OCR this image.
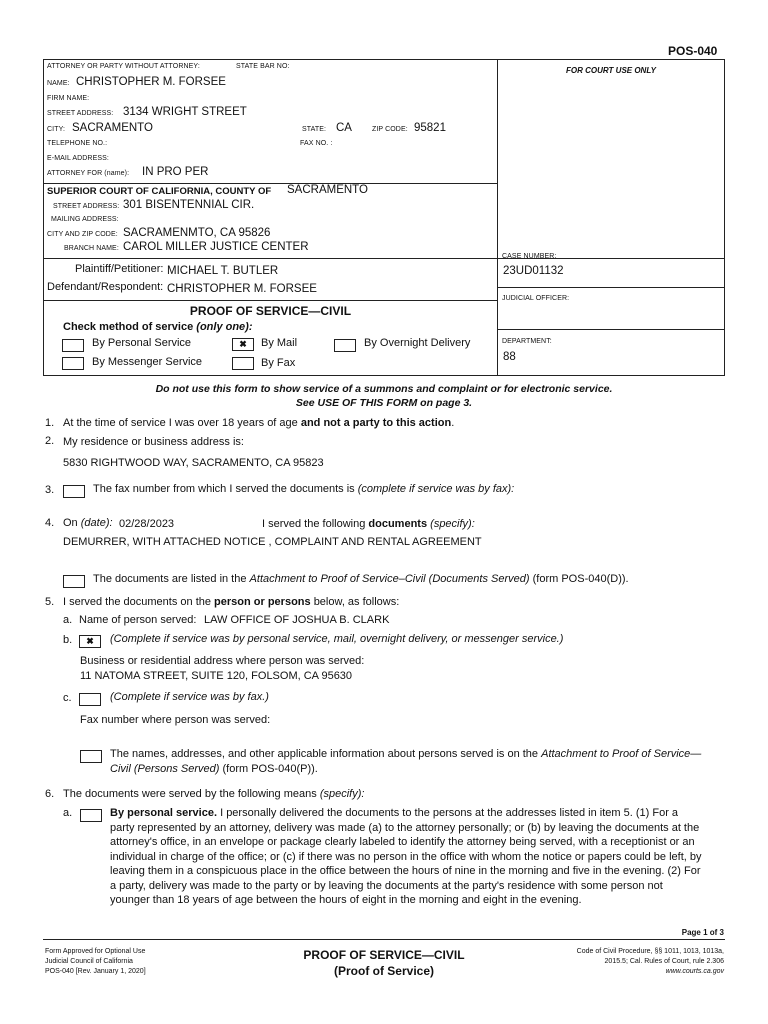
POS-040
FOR COURT USE ONLY
ATTORNEY OR PARTY WITHOUT ATTORNEY:	STATE BAR NO:
NAME: CHRISTOPHER M. FORSEE
FIRM NAME:
STREET ADDRESS: 3134 WRIGHT STREET
CITY: SACRAMENTO	STATE: CA	ZIP CODE: 95821
TELEPHONE NO.:	FAX NO. :
E-MAIL ADDRESS:
ATTORNEY FOR (name): IN PRO PER
SUPERIOR COURT OF CALIFORNIA, COUNTY OF SACRAMENTO
STREET ADDRESS: 301 BISENTENNIAL CIR.
MAILING ADDRESS:
CITY AND ZIP CODE: SACRAMENMTO, CA 95826
BRANCH NAME: CAROL MILLER JUSTICE CENTER
Plaintiff/Petitioner: MICHAEL T. BUTLER
Defendant/Respondent: CHRISTOPHER M. FORSEE
CASE NUMBER:
23UD01132
JUDICIAL OFFICER:
DEPARTMENT:
88
PROOF OF SERVICE—CIVIL
Check method of service (only one):
By Personal Service	✖	By Mail	By Overnight Delivery
By Messenger Service	By Fax
Do not use this form to show service of a summons and complaint or for electronic service.
See USE OF THIS FORM on page 3.
1. At the time of service I was over 18 years of age and not a party to this action.
2. My residence or business address is:
5830 RIGHTWOOD WAY, SACRAMENTO, CA 95823
3.	The fax number from which I served the documents is (complete if service was by fax):
4. On (date): 02/28/2023	I served the following documents (specify):
DEMURRER, WITH ATTACHED NOTICE , COMPLAINT AND RENTAL AGREEMENT
The documents are listed in the Attachment to Proof of Service–Civil (Documents Served) (form POS-040(D)).
5. I served the documents on the person or persons below, as follows:
a. Name of person served: LAW OFFICE OF JOSHUA B. CLARK
b.	✖	(Complete if service was by personal service, mail, overnight delivery, or messenger service.)
Business or residential address where person was served:
11 NATOMA STREET, SUITE 120, FOLSOM, CA 95630
c.	(Complete if service was by fax.)
Fax number where person was served:
The names, addresses, and other applicable information about persons served is on the Attachment to Proof of Service—
Civil (Persons Served) (form POS-040(P)).
6. The documents were served by the following means (specify):
a.	By personal service. I personally delivered the documents to the persons at the addresses listed in item 5. (1) For a
party represented by an attorney, delivery was made (a) to the attorney personally; or (b) by leaving the documents at the
attorney's office, in an envelope or package clearly labeled to identify the attorney being served, with a receptionist or an
individual in charge of the office; or (c) if there was no person in the office with whom the notice or papers could be left, by
leaving them in a conspicuous place in the office between the hours of nine in the morning and five in the evening. (2) For
a party, delivery was made to the party or by leaving the documents at the party's residence with some person not
younger than 18 years of age between the hours of eight in the morning and eight in the evening.
Page 1 of 3
Form Approved for Optional Use
Judicial Council of California
POS-040 [Rev. January 1, 2020]
PROOF OF SERVICE—CIVIL
(Proof of Service)
Code of Civil Procedure, §§ 1011, 1013, 1013a,
2015.5; Cal. Rules of Court, rule 2.306
www.courts.ca.gov
